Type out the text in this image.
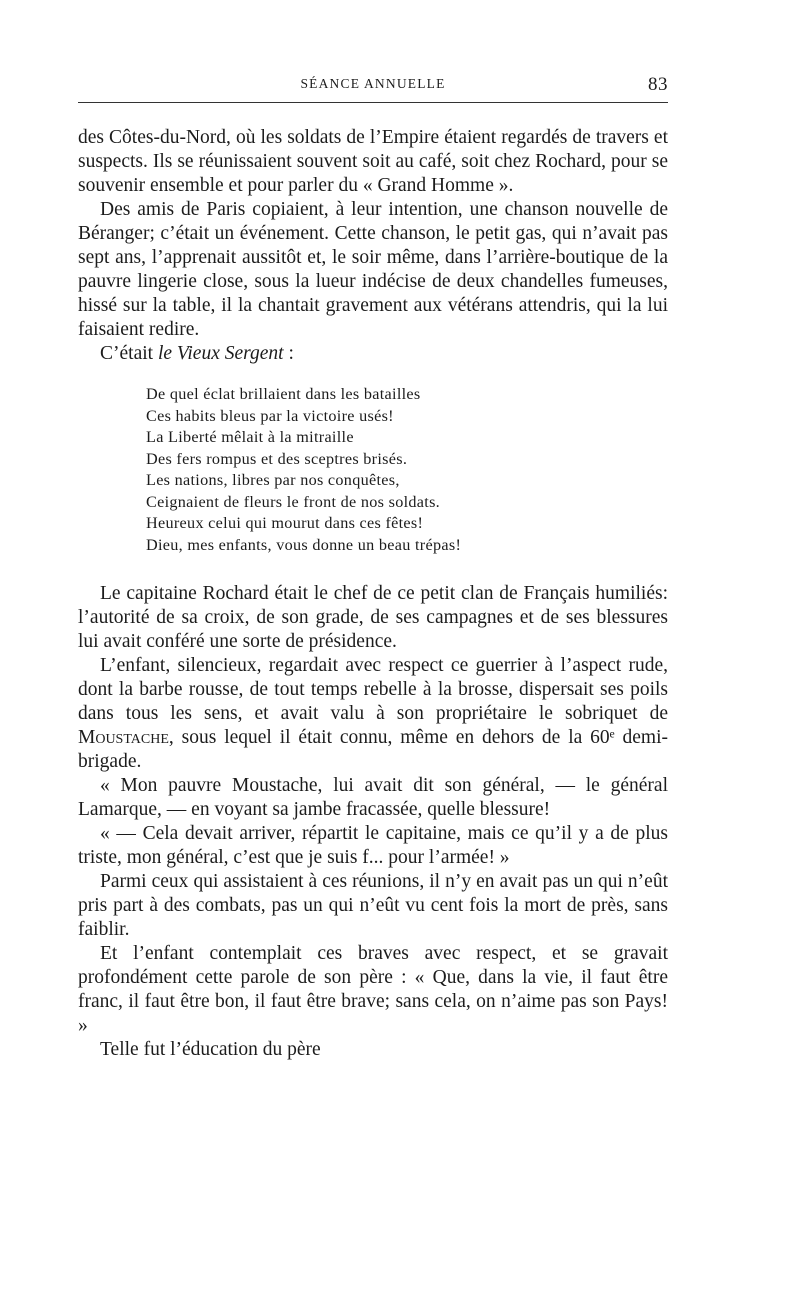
SÉANCE ANNUELLE	83

des Côtes-du-Nord, où les soldats de l’Empire étaient regardés de travers et suspects. Ils se réunissaient souvent soit au café, soit chez Rochard, pour se souvenir ensemble et pour parler du « Grand Homme ».

Des amis de Paris copiaient, à leur intention, une chanson nouvelle de Béranger; c’était un événement. Cette chanson, le petit gas, qui n’avait pas sept ans, l’apprenait aussitôt et, le soir même, dans l’arrière-boutique de la pauvre lingerie close, sous la lueur indécise de deux chandelles fumeuses, hissé sur la table, il la chantait gravement aux vétérans attendris, qui la lui faisaient redire.

C’était le Vieux Sergent :

De quel éclat brillaient dans les batailles
Ces habits bleus par la victoire usés!
La Liberté mêlait à la mitraille
Des fers rompus et des sceptres brisés.
Les nations, libres par nos conquêtes,
Ceignaient de fleurs le front de nos soldats.
Heureux celui qui mourut dans ces fêtes!
Dieu, mes enfants, vous donne un beau trépas!

Le capitaine Rochard était le chef de ce petit clan de Français humiliés: l’autorité de sa croix, de son grade, de ses campagnes et de ses blessures lui avait conféré une sorte de présidence.

L’enfant, silencieux, regardait avec respect ce guerrier à l’aspect rude, dont la barbe rousse, de tout temps rebelle à la brosse, dispersait ses poils dans tous les sens, et avait valu à son propriétaire le sobriquet de Moustache, sous lequel il était connu, même en dehors de la 60ᵉ demi-brigade.

« Mon pauvre Moustache, lui avait dit son général, — le général Lamarque, — en voyant sa jambe fracassée, quelle blessure!

« — Cela devait arriver, répartit le capitaine, mais ce qu’il y a de plus triste, mon général, c’est que je suis f... pour l’armée! »

Parmi ceux qui assistaient à ces réunions, il n’y en avait pas un qui n’eût pris part à des combats, pas un qui n’eût vu cent fois la mort de près, sans faiblir.

Et l’enfant contemplait ces braves avec respect, et se gravait profondément cette parole de son père : « Que, dans la vie, il faut être franc, il faut être bon, il faut être brave; sans cela, on n’aime pas son Pays! »

Telle fut l’éducation du père
